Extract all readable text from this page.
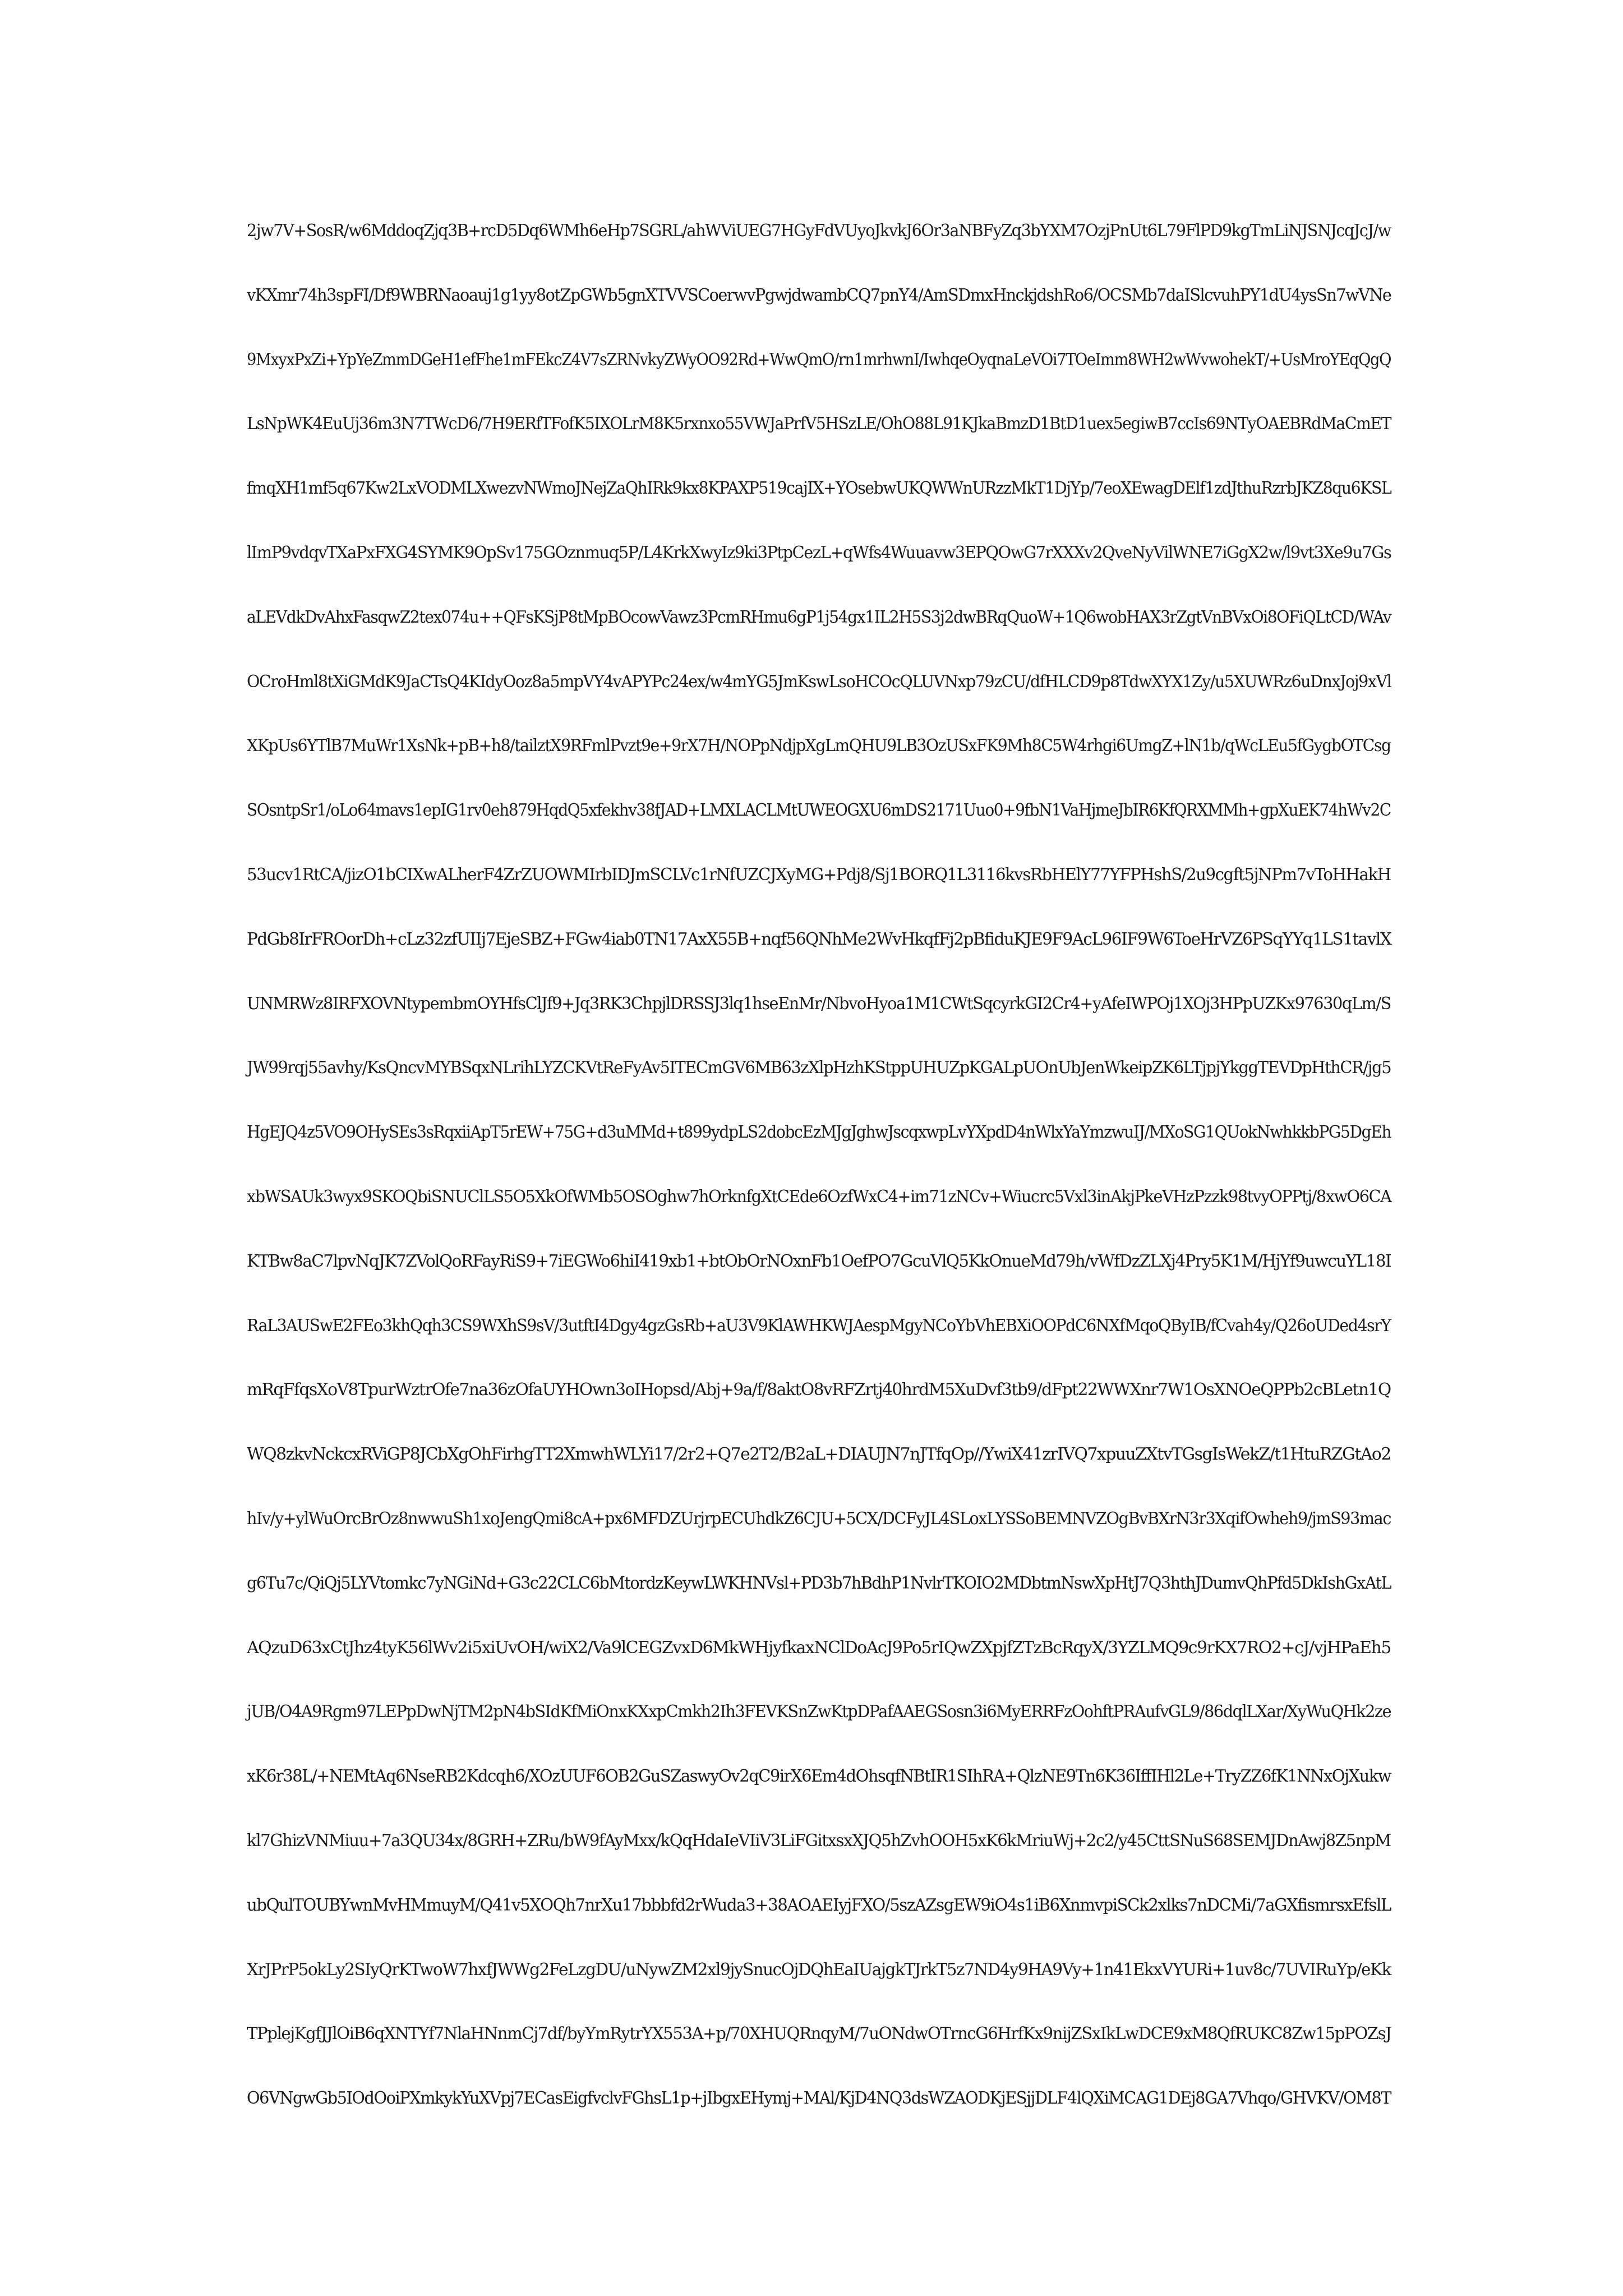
2jw7V+SosR/w6MddoqZjq3B+rcD5Dq6WMh6eHp7SGRL/ahWViUEG7HGyFdVUyoJkvkJ6Or3aNBFyZq3bYXM7OzjPnUt6L79FlPD9kgTmLiNJSNJcqJcJ/w
vKXmr74h3spFI/Df9WBRNaoauj1g1yy8otZpGWb5gnXTVVSCoerwvPgwjdwambCQ7pnY4/AmSDmxHnckjdshRo6/OCSMb7daISlcvuhPY1dU4ysSn7wVNe
9MxyxPxZi+YpYeZmmDGeH1efFhe1mFEkcZ4V7sZRNvkyZWyOO92Rd+WwQmO/rn1mrhwnI/IwhqeOyqnaLeVOi7TOeImm8WH2wWvwohekT/+UsMroYEqQgQ
LsNpWK4EuUj36m3N7TWcD6/7H9ERfTFofK5IXOLrM8K5rxnxo55VWJaPrfV5HSzLE/OhO88L91KJkaBmzD1BtD1uex5egiwB7ccIs69NTyOAEBRdMaCmET
fmqXH1mf5q67Kw2LxVODMLXwezvNWmoJNejZaQhIRk9kx8KPAXP519cajIX+YOsebwUKQWWnURzzMkT1DjYp/7eoXEwagDElf1zdJthuRzrbJKZ8qu6KSL
lImP9vdqvTXaPxFXG4SYMK9OpSv175GOznmuq5P/L4KrkXwyIz9ki3PtpCezL+qWfs4Wuuavw3EPQOwG7rXXXv2QveNyVilWNE7iGgX2w/l9vt3Xe9u7Gs
aLEVdkDvAhxFasqwZ2tex074u++QFsKSjP8tMpBOcowVawz3PcmRHmu6gP1j54gx1IL2H5S3j2dwBRqQuoW+1Q6wobHAX3rZgtVnBVxOi8OFiQLtCD/WAv
OCroHml8tXiGMdK9JaCTsQ4KIdyOoz8a5mpVY4vAPYPc24ex/w4mYG5JmKswLsoHCOcQLUVNxp79zCU/dfHLCD9p8TdwXYX1Zy/u5XUWRz6uDnxJoj9xVl
XKpUs6YTlB7MuWr1XsNk+pB+h8/tailztX9RFmlPvzt9e+9rX7H/NOPpNdjpXgLmQHU9LB3OzUSxFK9Mh8C5W4rhgi6UmgZ+lN1b/qWcLEu5fGygbOTCsg
SOsntpSr1/oLo64mavs1epIG1rv0eh879HqdQ5xfekhv38fJAD+LMXLACLMtUWEOGXU6mDS2171Uuo0+9fbN1VaHjmeJbIR6KfQRXMMh+gpXuEK74hWv2C
53ucv1RtCA/jizO1bCIXwALherF4ZrZUOWMIrbIDJmSCLVc1rNfUZCJXyMG+Pdj8/Sj1BORQ1L3116kvsRbHElY77YFPHshS/2u9cgft5jNPm7vToHHakH
PdGb8IrFROorDh+cLz32zfUIIj7EjeSBZ+FGw4iab0TN17AxX55B+nqf56QNhMe2WvHkqfFj2pBfiduKJE9F9AcL96IF9W6ToeHrVZ6PSqYYq1LS1tavlX
UNMRWz8IRFXOVNtypembmOYHfsClJf9+Jq3RK3ChpjlDRSSJ3lq1hseEnMr/NbvoHyoa1M1CWtSqcyrkGI2Cr4+yAfeIWPOj1XOj3HPpUZKx97630qLm/S
JW99rqj55avhy/KsQncvMYBSqxNLrihLYZCKVtReFyAv5ITECmGV6MB63zXlpHzhKStppUHUZpKGALpUOnUbJenWkeipZK6LTjpjYkggTEVDpHthCR/jg5
HgEJQ4z5VO9OHySEs3sRqxiiApT5rEW+75G+d3uMMd+t899ydpLS2dobcEzMJgJghwJscqxwpLvYXpdD4nWlxYaYmzwuIJ/MXoSG1QUokNwhkkbPG5DgEh
xbWSAUk3wyx9SKOQbiSNUClLS5O5XkOfWMb5OSOghw7hOrknfgXtCEde6OzfWxC4+im71zNCv+Wiucrc5Vxl3inAkjPkeVHzPzzk98tvyOPPtj/8xwO6CA
KTBw8aC7lpvNqJK7ZVolQoRFayRiS9+7iEGWo6hiI419xb1+btObOrNOxnFb1OefPO7GcuVlQ5KkOnueMd79h/vWfDzZLXj4Pry5K1M/HjYf9uwcuYL18I
RaL3AUSwE2FEo3khQqh3CS9WXhS9sV/3utftI4Dgy4gzGsRb+aU3V9KlAWHKWJAespMgyNCoYbVhEBXiOOPdC6NXfMqoQByIB/fCvah4y/Q26oUDed4srY
mRqFfqsXoV8TpurWztrOfe7na36zOfaUYHOwn3oIHopsd/Abj+9a/f/8aktO8vRFZrtj40hrdM5XuDvf3tb9/dFpt22WWXnr7W1OsXNOeQPPb2cBLetn1Q
WQ8zkvNckcxRViGP8JCbXgOhFirhgTT2XmwhWLYi17/2r2+Q7e2T2/B2aL+DIAUJN7nJTfqOp//YwiX41zrIVQ7xpuuZXtvTGsgIsWekZ/t1HtuRZGtAo2
hIv/y+ylWuOrcBrOz8nwwuSh1xoJengQmi8cA+px6MFDZUrjrpECUhdkZ6CJU+5CX/DCFyJL4SLoxLYSSoBEMNVZOgBvBXrN3r3XqifOwheh9/jmS93mac
g6Tu7c/QiQj5LYVtomkc7yNGiNd+G3c22CLC6bMtordzKeywLWKHNVsl+PD3b7hBdhP1NvlrTKOIO2MDbtmNswXpHtJ7Q3hthJDumvQhPfd5DkIshGxAtL
AQzuD63xCtJhz4tyK56lWv2i5xiUvOH/wiX2/Va9lCEGZvxD6MkWHjyfkaxNClDoAcJ9Po5rIQwZXpjfZTzBcRqyX/3YZLMQ9c9rKX7RO2+cJ/vjHPaEh5
jUB/O4A9Rgm97LEPpDwNjTM2pN4bSIdKfMiOnxKXxpCmkh2Ih3FEVKSnZwKtpDPafAAEGSosn3i6MyERRFzOohftPRAufvGL9/86dqlLXar/XyWuQHk2ze
xK6r38L/+NEMtAq6NseRB2Kdcqh6/XOzUUF6OB2GuSZaswyOv2qC9irX6Em4dOhsqfNBtIR1SIhRA+QlzNE9Tn6K36IffIHl2Le+TryZZ6fK1NNxOjXukw
kl7GhizVNMiuu+7a3QU34x/8GRH+ZRu/bW9fAyMxx/kQqHdaIeVIiV3LiFGitxsxXJQ5hZvhOOH5xK6kMriuWj+2c2/y45CttSNuS68SEMJDnAwj8Z5npM
ubQulTOUBYwnMvHMmuyM/Q41v5XOQh7nrXu17bbbfd2rWuda3+38AOAEIyjFXO/5szAZsgEW9iO4s1iB6XnmvpiSCk2xlks7nDCMi/7aGXfismrsxEfslL
XrJPrP5okLy2SIyQrKTwoW7hxfJWWg2FeLzgDU/uNywZM2xl9jySnucOjDQhEaIUajgkTJrkT5z7ND4y9HA9Vy+1n41EkxVYURi+1uv8c/7UVIRuYp/eKk
TPplejKgfJJlOiB6qXNTYf7NlaHNnmCj7df/byYmRytrYX553A+p/70XHUQRnqyM/7uONdwOTrncG6HrfKx9nijZSxIkLwDCE9xM8QfRUKC8Zw15pPOZsJ
O6VNgwGb5IOdOoiPXmkykYuXVpj7ECasEigfvclvFGhsL1p+jIbgxEHymj+MAl/KjD4NQ3dsWZAODKjESjjDLF4lQXiMCAG1DEj8GA7Vhqo/GHVKV/OM8T
